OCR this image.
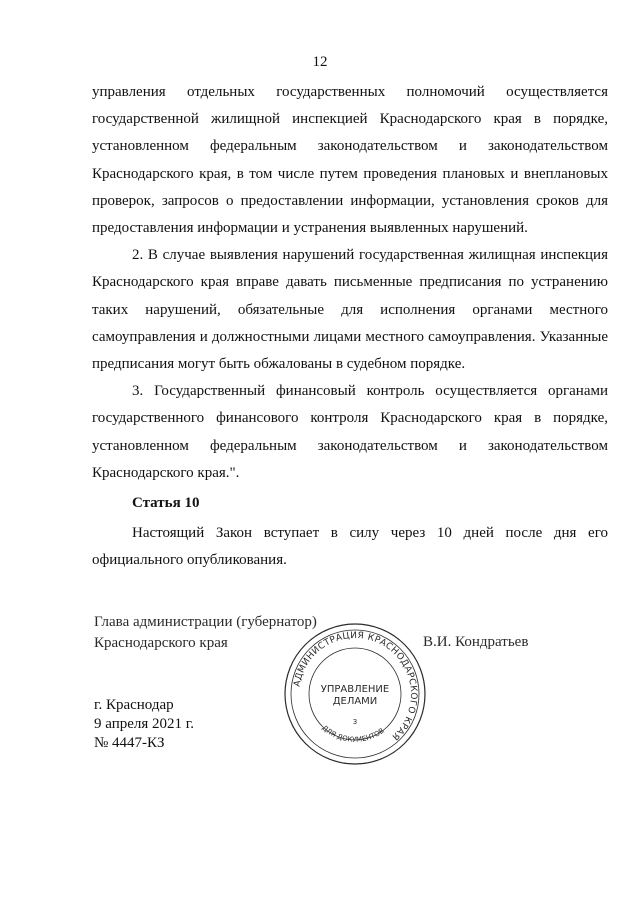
12

управления отдельных государственных полномочий осуществляется государственной жилищной инспекцией Краснодарского края в порядке, установленном федеральным законодательством и законодательством Краснодарского края, в том числе путем проведения плановых и внеплановых проверок, запросов о предоставлении информации, установления сроков для предоставления информации и устранения выявленных нарушений.

2. В случае выявления нарушений государственная жилищная инспекция Краснодарского края вправе давать письменные предписания по устранению таких нарушений, обязательные для исполнения органами местного самоуправления и должностными лицами местного самоуправления. Указанные предписания могут быть обжалованы в судебном порядке.

3. Государственный финансовый контроль осуществляется органами государственного финансового контроля Краснодарского края в порядке, установленном федеральным законодательством и законодательством Краснодарского края.".

Статья 10
Настоящий Закон вступает в силу через 10 дней после дня его официального опубликования.
Глава администрации (губернатор)
Краснодарского края	В.И. Кондратьев
г. Краснодар
9 апреля 2021 г.
№ 4447-КЗ
АДМИНИСТРАЦИЯ КРАСНОДАРСКОГО КРАЯ
ДЛЯ ДОКУМЕНТОВ
УПРАВЛЕНИЕ
ДЕЛАМИ
3
